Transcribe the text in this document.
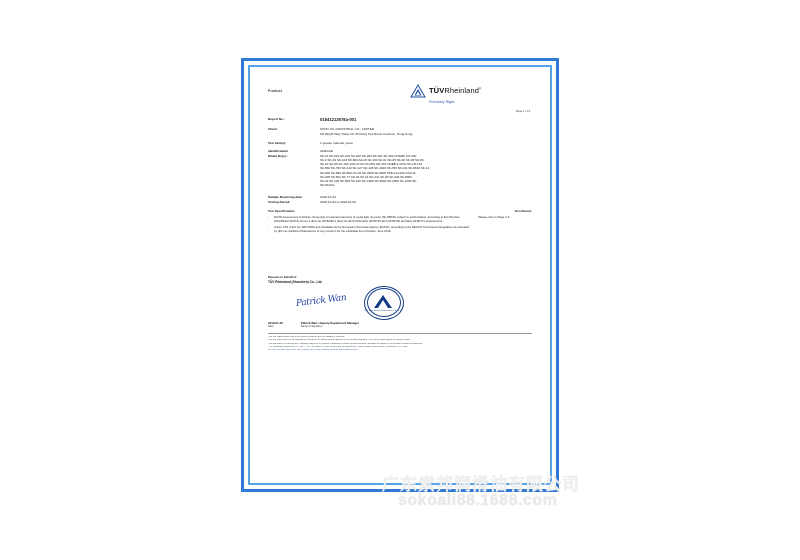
Product	TÜVRheinland®
Precisely Right.
Page 1 of 9
Report No.:	01841213578a-001
Client:	SCHO OIL INDUSTRIAL CO., LIMITED
6/F Bright Way Tower No.33 Mong Kok Road, Kowloon, Hong Kong
Test Item(s):	1 grease material, piece
Identification/	GREASE
Model No(s).:	SK-11 SK-01S SK-201 SK-202 SK-203 SK-301 SK-302 CHAMP CH-200
SK-2 SK-4S SK-103 SK-603 AZ-26 SK-100 SK-01 SK-05 SK-06 SK-08 SK-9S
SK-21 SK-8S N1-16F-229 LH-02 CK-09S GR-261 GREB-1 GRC-3S GR-133
SK-560 SK-700 SK-410 SK-127 SK-128 SK-4400 NK-760 SK-011 SK-8810 SK-14
SK-900 SK-860 SK-800 CK-09 SK-3306 SK-9009 SKB-113-002 CKS-11
SK-205 SK-501 SK-77 CK-03 SK-21 SK-231 SK-66 SK-003 SK-8000
SK-22 SK-120 SK-600 SK-100 SK-C200 SK-9002 SK-2009 SK-1200 SK-
SS-001AG
Sample Receiving date:	2018-12-20
Testing Period:	2018-12-20 to 2019-01-09
Test Specification:	Test Result:
-	RoHS Assessment of Articles: Screening of selected elements of metal light ray parts (Sb-HBCD) subject to authorization, according to EU Directive 2011/65/EU (RoHS) Annex II (EU) No 2015/863 4 (EU) No 2017/2102 (EU) 2018/739 (EU) 2018/740 and (EU) 2018/741 requirements.
-	Annex XVII of EC No 1907/2006 and candidate list by European Chemicals Agency (ECHA), according to the REACH Commission Regulation as amended by (EC) as published Substances of very concern for the candidate list of Articles, June 2019.
Please refer to Page 2-9
Passed on behalf of
TÜV Rheinland (Shenzhen) Co., Ltd.
Patrick Wan
TÜV Rheinland (Shenzhen) Co., Ltd.
2019-01-09
Date
Patrick Wan / Deputy Department Manager
Name of Signatory
This test report relates only to the item(s) tested as per test sample(s) received.
This test report shall not be reproduced, except in full, without written approval of the testing laboratory. The results relate only to the item(s) tested.
This document is issued by the Company subject to its General Conditions of Service printed overleaf, available on request or accessible at www.tuv.com/terms.
TÜV Rheinland (Shenzhen) Co., Ltd. — 3/F Tech Block 2, Qiao Xiang Kang Tai Building No.1 BinHe Road, Futian District, Shenzhen, P.R. China
Tel: +86-755-8828 8000 Fax: +86-755-8828 8001 Mail: service@tuv.com Web: www.tuv.com
广东索邦润滑油有限公司
sokoali88.1688.com
